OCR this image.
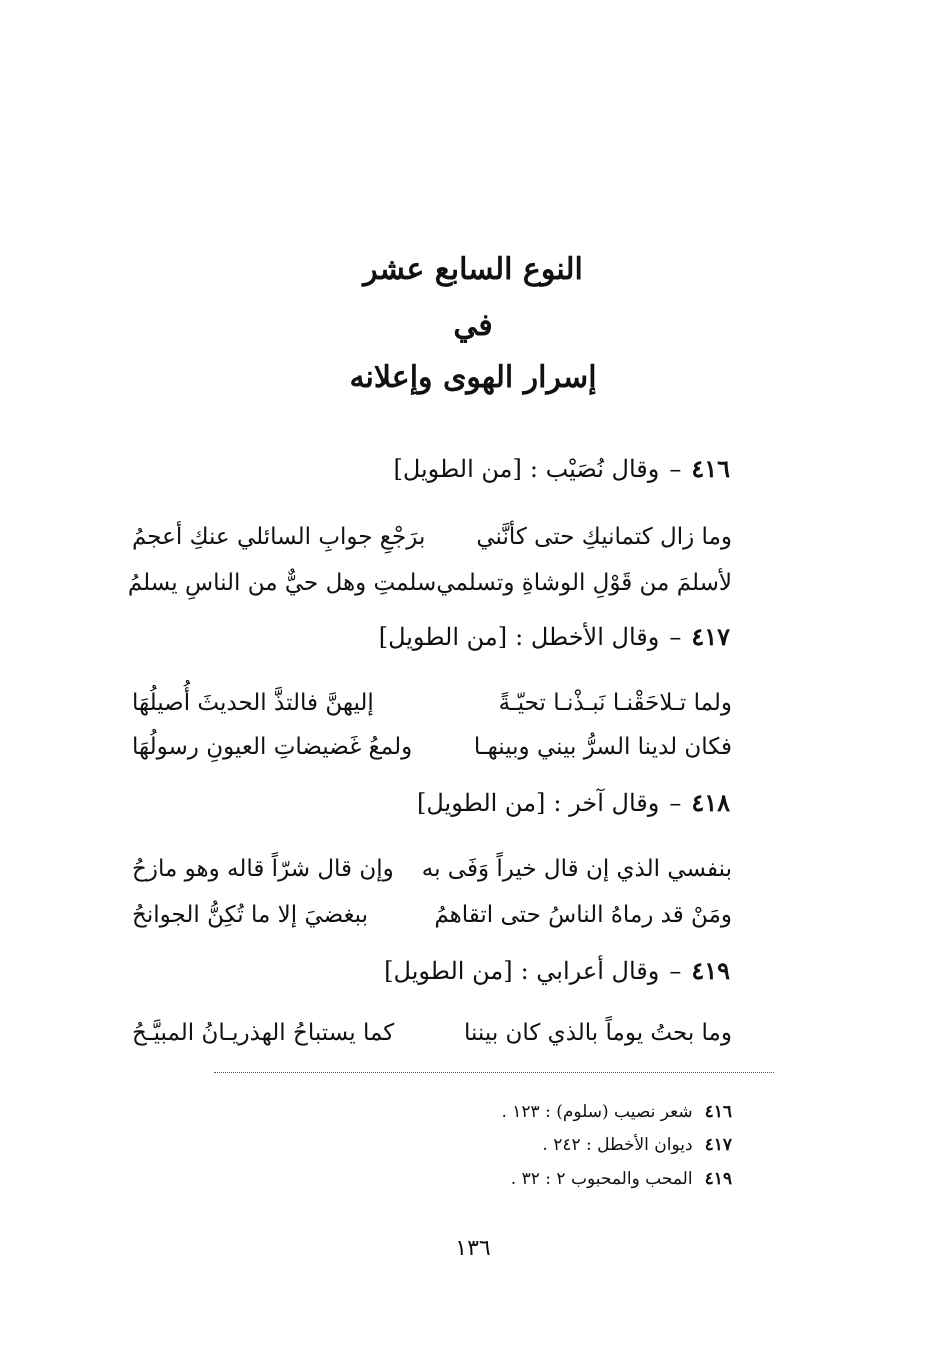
النوع السابع عشر
في
إسرار الهوى وإعلانه
٤١٦–وقال نُصَيْب :[من الطويل]
وما زال كتمانيكِ حتى كأنَّني
برَجْعِ جوابِ السائلي عنكِ أعجمُ
لأسلمَ من قَوْلِ الوشاةِ وتسلمي
سلمتِ وهل حيٌّ من الناسِ يسلمُ
٤١٧–وقال الأخطل :[من الطويل]
ولما تـلاحَقْنـا نَبـذْنـا تحيّـةً
إليهنَّ فالتذَّ الحديثَ أُصيلُهَا
فكان لدينا السرُّ بيني وبينهـا
ولمعُ غَضيضاتِ العيونِ رسولُهَا
٤١٨–وقال آخر :[من الطويل]
بنفسي الذي إن قال خيراً وَفَى به
وإن قال شرّاً قاله وهو مازحُ
ومَنْ قد رماهُ الناسُ حتى اتقاهمُ
ببغضيَ إلا ما تُكِنُّ الجوانحُ
٤١٩–وقال أعرابي :[من الطويل]
وما بحتُ يوماً بالذي كان بيننا
كما يستباحُ الهذريـانُ المبيَّـحُ
٤١٦شعر نصيب (سلوم) : ١٢٣ .
٤١٧ديوان الأخطل : ٢٤٢ .
٤١٩المحب والمحبوب ٢ : ٣٢ .
١٣٦
